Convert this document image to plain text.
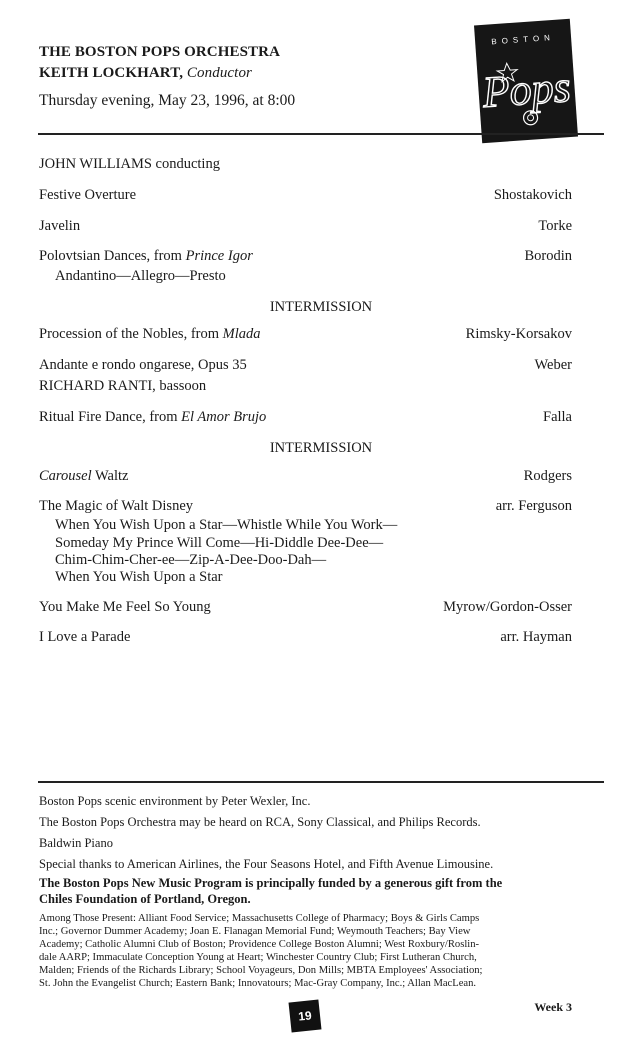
THE BOSTON POPS ORCHESTRA
KEITH LOCKHART, Conductor
Thursday evening, May 23, 1996, at 8:00
BOSTON
Pops
JOHN WILLIAMS conducting
Festive Overture	Shostakovich
Javelin	Torke
Polovtsian Dances, from Prince Igor	Borodin
Andantino—Allegro—Presto
INTERMISSION
Procession of the Nobles, from Mlada	Rimsky-Korsakov
Andante e rondo ongarese, Opus 35	Weber
RICHARD RANTI, bassoon
Ritual Fire Dance, from El Amor Brujo	Falla
INTERMISSION
Carousel Waltz	Rodgers
The Magic of Walt Disney	arr. Ferguson
When You Wish Upon a Star—Whistle While You Work—
Someday My Prince Will Come—Hi-Diddle Dee-Dee—
Chim-Chim-Cher-ee—Zip-A-Dee-Doo-Dah—
When You Wish Upon a Star
You Make Me Feel So Young	Myrow/Gordon-Osser
I Love a Parade	arr. Hayman
Boston Pops scenic environment by Peter Wexler, Inc.
The Boston Pops Orchestra may be heard on RCA, Sony Classical, and Philips Records.
Baldwin Piano
Special thanks to American Airlines, the Four Seasons Hotel, and Fifth Avenue Limousine.
The Boston Pops New Music Program is principally funded by a generous gift from the
Chiles Foundation of Portland, Oregon.
Among Those Present: Alliant Food Service; Massachusetts College of Pharmacy; Boys & Girls Camps
Inc.; Governor Dummer Academy; Joan E. Flanagan Memorial Fund; Weymouth Teachers; Bay View
Academy; Catholic Alumni Club of Boston; Providence College Boston Alumni; West Roxbury/Roslin-
dale AARP; Immaculate Conception Young at Heart; Winchester Country Club; First Lutheran Church,
Malden; Friends of the Richards Library; School Voyageurs, Don Mills; MBTA Employees' Association;
St. John the Evangelist Church; Eastern Bank; Innovatours; Mac-Gray Company, Inc.; Allan MacLean.
Week 3
19
